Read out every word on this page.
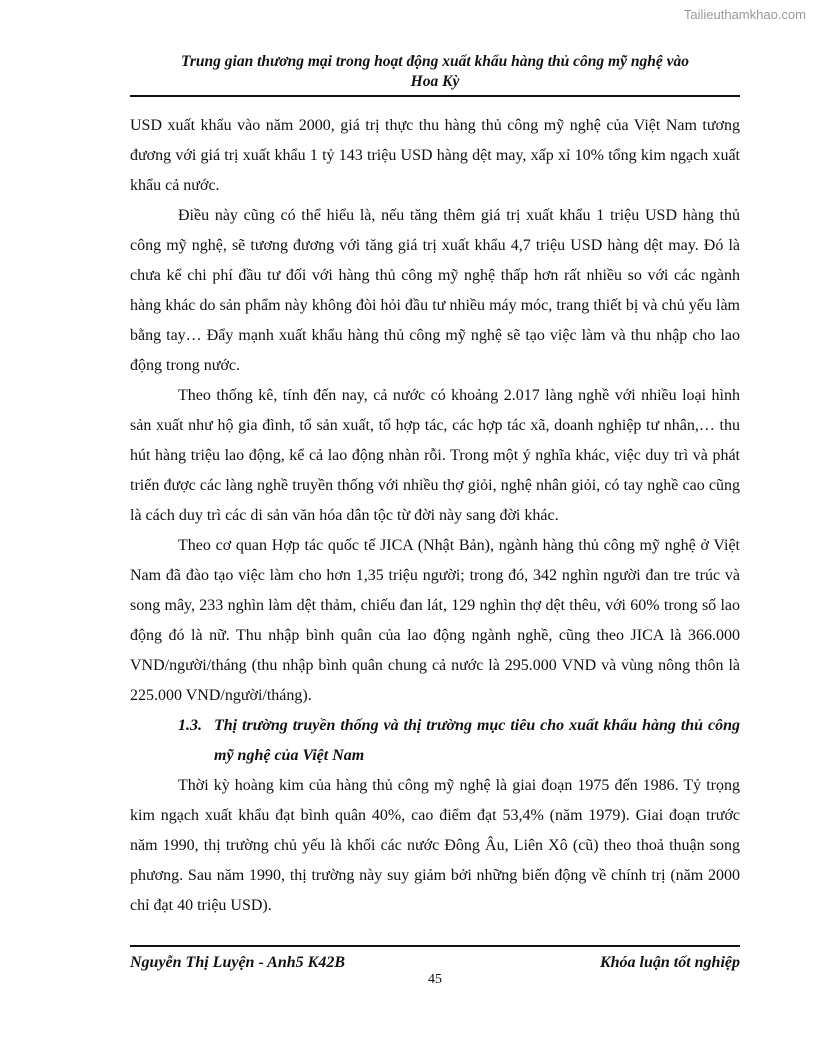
Tailieuthamkhao.com
Trung gian thương mại trong hoạt động xuất khẩu hàng thủ công mỹ nghệ vào
Hoa Kỳ

USD xuất khẩu vào năm 2000, giá trị thực thu hàng thủ công mỹ nghệ của Việt Nam tương đương với giá trị xuất khẩu 1 tỷ 143 triệu USD hàng dệt may, xấp xỉ 10% tổng kim ngạch xuất khẩu cả nước.

Điều này cũng có thể hiểu là, nếu tăng thêm giá trị xuất khẩu 1 triệu USD hàng thủ công mỹ nghệ, sẽ tương đương với tăng giá trị xuất khẩu 4,7 triệu USD hàng dệt may. Đó là chưa kể chi phí đầu tư đối với hàng thủ công mỹ nghệ thấp hơn rất nhiều so với các ngành hàng khác do sản phẩm này không đòi hỏi đầu tư nhiều máy móc, trang thiết bị và chủ yếu làm bằng tay… Đẩy mạnh xuất khẩu hàng thủ công mỹ nghệ sẽ tạo việc làm và thu nhập cho lao động trong nước.

Theo thống kê, tính đến nay, cả nước có khoảng 2.017 làng nghề với nhiều loại hình sản xuất như hộ gia đình, tổ sản xuất, tổ hợp tác, các hợp tác xã, doanh nghiệp tư nhân,… thu hút hàng triệu lao động, kể cả lao động nhàn rỗi. Trong một ý nghĩa khác, việc duy trì và phát triển được các làng nghề truyền thống với nhiều thợ giỏi, nghệ nhân giỏi, có tay nghề cao cũng là cách duy trì các di sản văn hóa dân tộc từ đời này sang đời khác.

Theo cơ quan Hợp tác quốc tế JICA (Nhật Bản), ngành hàng thủ công mỹ nghệ ở Việt Nam đã đào tạo việc làm cho hơn 1,35 triệu người; trong đó, 342 nghìn người đan tre trúc và song mây, 233 nghìn làm dệt thảm, chiếu đan lát, 129 nghìn thợ dệt thêu, với 60% trong số lao động đó là nữ. Thu nhập bình quân của lao động ngành nghề, cũng theo JICA là 366.000 VND/người/tháng (thu nhập bình quân chung cả nước là 295.000 VND và vùng nông thôn là 225.000 VND/người/tháng).

1.3. Thị trường truyền thống và thị trường mục tiêu cho xuất khẩu hàng thủ công mỹ nghệ của Việt Nam

Thời kỳ hoàng kim của hàng thủ công mỹ nghệ là giai đoạn 1975 đến 1986. Tỷ trọng kim ngạch xuất khẩu đạt bình quân 40%, cao điểm đạt 53,4% (năm 1979). Giai đoạn trước năm 1990, thị trường chủ yếu là khối các nước Đông Âu, Liên Xô (cũ) theo thoả thuận song phương. Sau năm 1990, thị trường này suy giảm bởi những biến động về chính trị (năm 2000 chỉ đạt 40 triệu USD).

Nguyễn Thị Luyện - Anh5 K42B	Khóa luận tốt nghiệp
45
